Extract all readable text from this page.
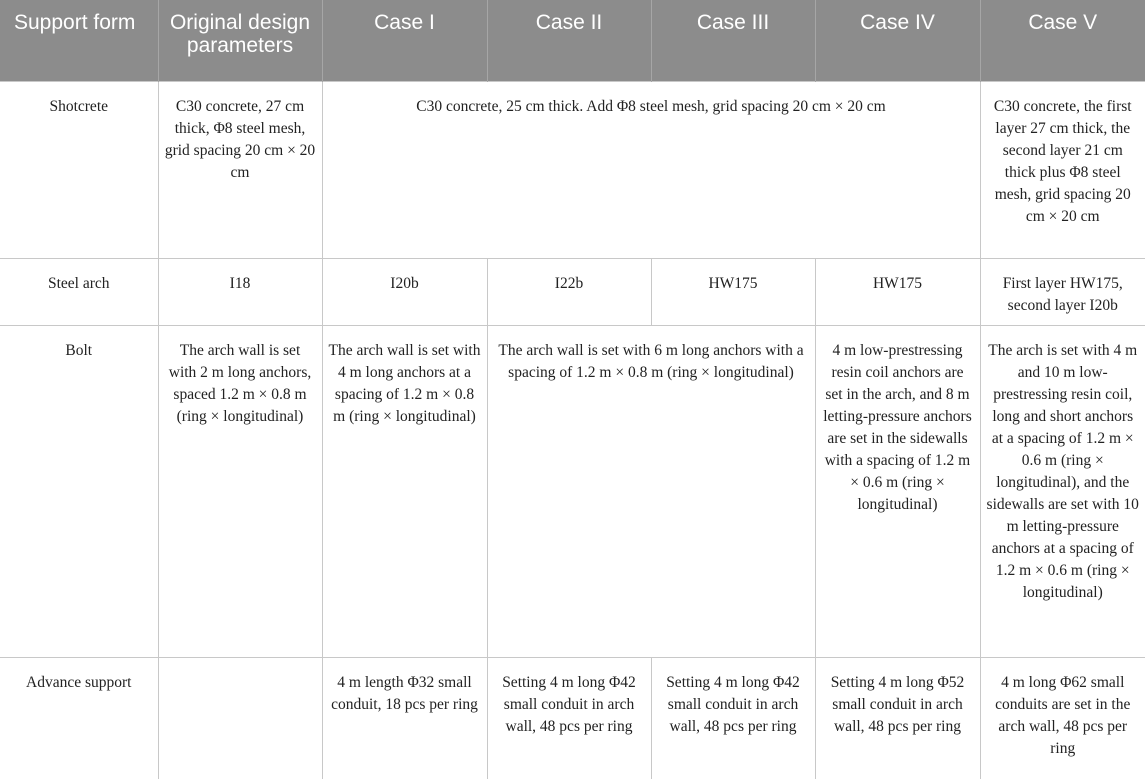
Support form	Original design parameters	Case I	Case II	Case III	Case IV	Case V
Shotcrete	C30 concrete, 27 cm thick, Φ8 steel mesh, grid spacing 20 cm × 20 cm	C30 concrete, 25 cm thick. Add Φ8 steel mesh, grid spacing 20 cm × 20 cm				C30 concrete, the first layer 27 cm thick, the second layer 21 cm thick plus Φ8 steel mesh, grid spacing 20 cm × 20 cm
Steel arch	I18	I20b	I22b	HW175	HW175	First layer HW175, second layer I20b
Bolt	The arch wall is set with 2 m long anchors, spaced 1.2 m × 0.8 m (ring × longitudinal)	The arch wall is set with 4 m long anchors at a spacing of 1.2 m × 0.8 m (ring × longitudinal)	The arch wall is set with 6 m long anchors with a spacing of 1.2 m × 0.8 m (ring × longitudinal)		4 m low-prestressing resin coil anchors are set in the arch, and 8 m letting-pressure anchors are set in the sidewalls with a spacing of 1.2 m × 0.6 m (ring × longitudinal)	The arch is set with 4 m and 10 m low-prestressing resin coil, long and short anchors at a spacing of 1.2 m × 0.6 m (ring × longitudinal), and the sidewalls are set with 10 m letting-pressure anchors at a spacing of 1.2 m × 0.6 m (ring × longitudinal)
Advance support		4 m length Φ32 small conduit, 18 pcs per ring	Setting 4 m long Φ42 small conduit in arch wall, 48 pcs per ring	Setting 4 m long Φ42 small conduit in arch wall, 48 pcs per ring	Setting 4 m long Φ52 small conduit in arch wall, 48 pcs per ring	4 m long Φ62 small conduits are set in the arch wall, 48 pcs per ring
